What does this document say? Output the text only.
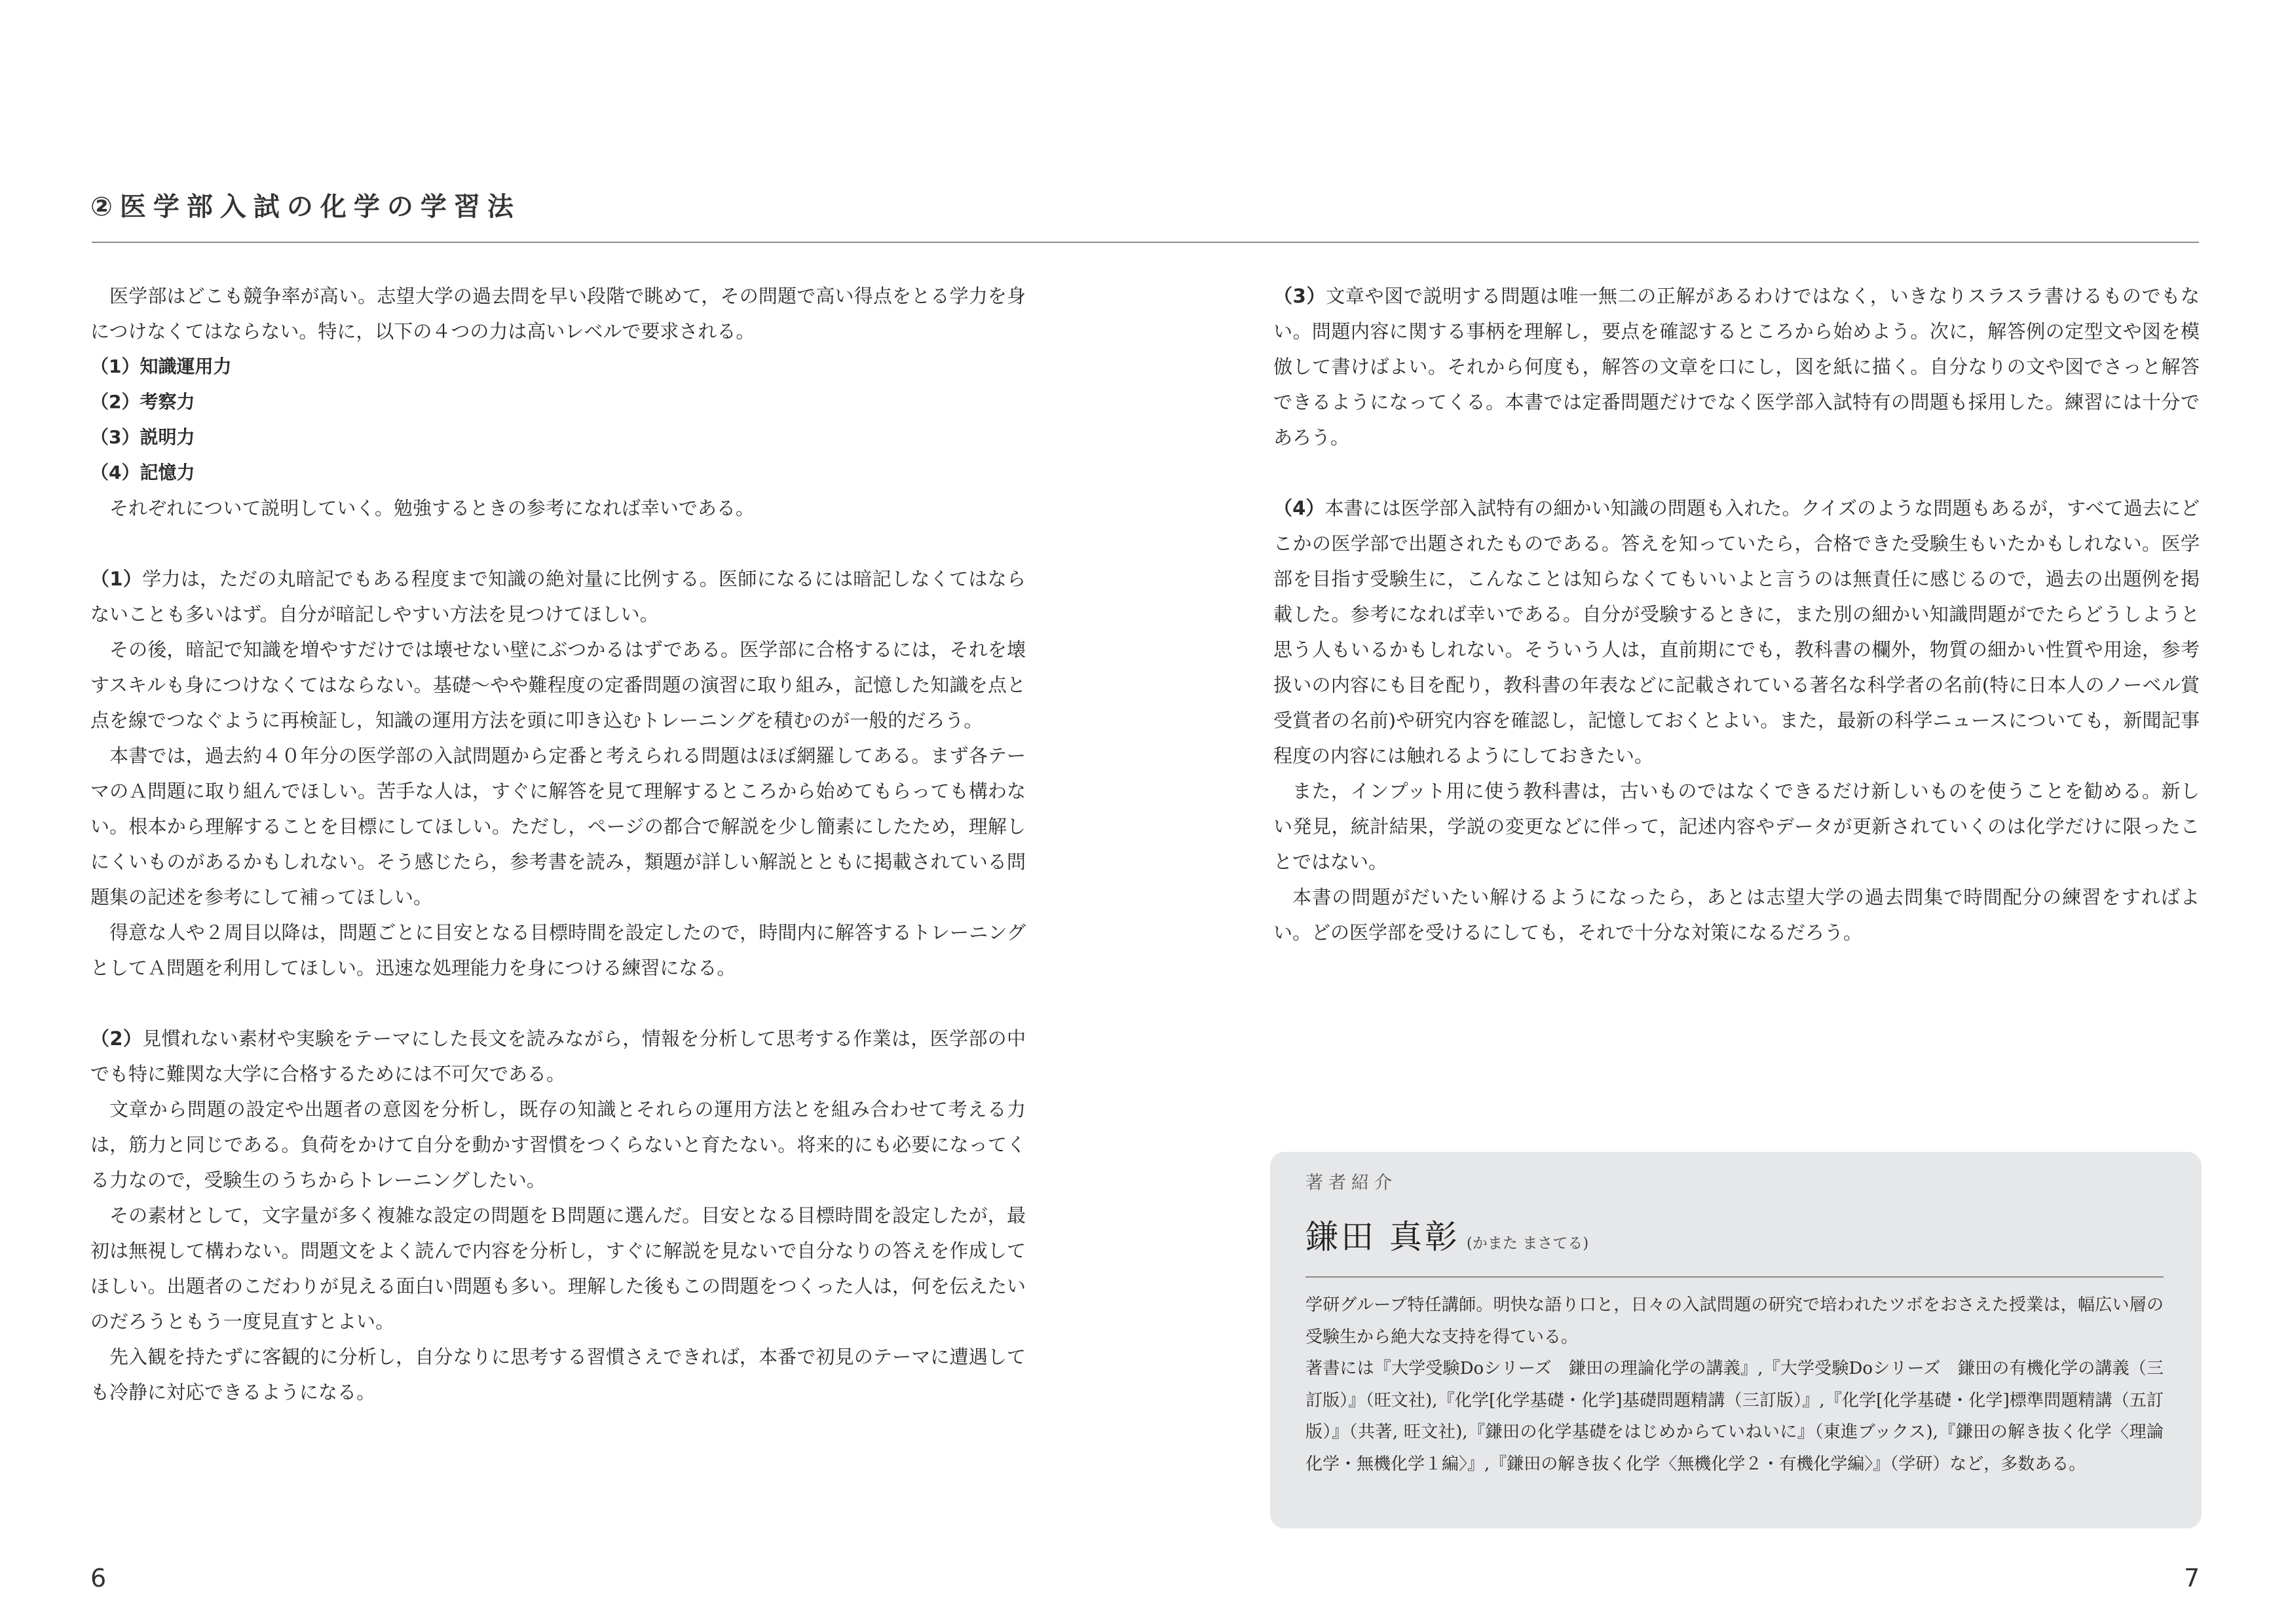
②医学部入試の化学の学習法

医学部はどこも競争率が高い。志望大学の過去問を早い段階で眺めて，その問題で高い得点をとる学力を身につけなくてはならない。特に，以下の４つの力は高いレベルで要求される。

（1）知識運用力

（2）考察力

（3）説明力

（4）記憶力

それぞれについて説明していく。勉強するときの参考になれば幸いである。

（1）学力は，ただの丸暗記でもある程度まで知識の絶対量に比例する。医師になるには暗記しなくてはならないことも多いはず。自分が暗記しやすい方法を見つけてほしい。

その後，暗記で知識を増やすだけでは壊せない壁にぶつかるはずである。医学部に合格するには，それを壊すスキルも身につけなくてはならない。基礎〜やや難程度の定番問題の演習に取り組み，記憶した知識を点と点を線でつなぐように再検証し，知識の運用方法を頭に叩き込むトレーニングを積むのが一般的だろう。

本書では，過去約４０年分の医学部の入試問題から定番と考えられる問題はほぼ網羅してある。まず各テーマのＡ問題に取り組んでほしい。苦手な人は，すぐに解答を見て理解するところから始めてもらっても構わない。根本から理解することを目標にしてほしい。ただし，ページの都合で解説を少し簡素にしたため，理解しにくいものがあるかもしれない。そう感じたら，参考書を読み，類題が詳しい解説とともに掲載されている問題集の記述を参考にして補ってほしい。

得意な人や２周目以降は，問題ごとに目安となる目標時間を設定したので，時間内に解答するトレーニングとしてＡ問題を利用してほしい。迅速な処理能力を身につける練習になる。

（2）見慣れない素材や実験をテーマにした長文を読みながら，情報を分析して思考する作業は，医学部の中でも特に難関な大学に合格するためには不可欠である。

文章から問題の設定や出題者の意図を分析し，既存の知識とそれらの運用方法とを組み合わせて考える力は，筋力と同じである。負荷をかけて自分を動かす習慣をつくらないと育たない。将来的にも必要になってくる力なので，受験生のうちからトレーニングしたい。

その素材として，文字量が多く複雑な設定の問題をＢ問題に選んだ。目安となる目標時間を設定したが，最初は無視して構わない。問題文をよく読んで内容を分析し，すぐに解説を見ないで自分なりの答えを作成してほしい。出題者のこだわりが見える面白い問題も多い。理解した後もこの問題をつくった人は，何を伝えたいのだろうともう一度見直すとよい。

先入観を持たずに客観的に分析し，自分なりに思考する習慣さえできれば，本番で初見のテーマに遭遇しても冷静に対応できるようになる。

（3）文章や図で説明する問題は唯一無二の正解があるわけではなく，いきなりスラスラ書けるものでもない。問題内容に関する事柄を理解し，要点を確認するところから始めよう。次に，解答例の定型文や図を模倣して書けばよい。それから何度も，解答の文章を口にし，図を紙に描く。自分なりの文や図でさっと解答できるようになってくる。本書では定番問題だけでなく医学部入試特有の問題も採用した。練習には十分であろう。

（4）本書には医学部入試特有の細かい知識の問題も入れた。クイズのような問題もあるが，すべて過去にどこかの医学部で出題されたものである。答えを知っていたら，合格できた受験生もいたかもしれない。医学部を目指す受験生に，こんなことは知らなくてもいいよと言うのは無責任に感じるので，過去の出題例を掲載した。参考になれば幸いである。自分が受験するときに，また別の細かい知識問題がでたらどうしようと思う人もいるかもしれない。そういう人は，直前期にでも，教科書の欄外，物質の細かい性質や用途，参考扱いの内容にも目を配り，教科書の年表などに記載されている著名な科学者の名前(特に日本人のノーベル賞受賞者の名前)や研究内容を確認し，記憶しておくとよい。また，最新の科学ニュースについても，新聞記事程度の内容には触れるようにしておきたい。

また，インプット用に使う教科書は，古いものではなくできるだけ新しいものを使うことを勧める。新しい発見，統計結果，学説の変更などに伴って，記述内容やデータが更新されていくのは化学だけに限ったことではない。

本書の問題がだいたい解けるようになったら，あとは志望大学の過去問集で時間配分の練習をすればよい。どの医学部を受けるにしても，それで十分な対策になるだろう。

著者紹介
鎌田 真彰 (かまた まさてる)

学研グループ特任講師。明快な語り口と，日々の入試問題の研究で培われたツボをおさえた授業は，幅広い層の受験生から絶大な支持を得ている。

著書には『大学受験Doシリーズ　鎌田の理論化学の講義』,『大学受験Doシリーズ　鎌田の有機化学の講義（三訂版）』（旺文社),『化学[化学基礎・化学]基礎問題精講（三訂版）』,『化学[化学基礎・化学]標準問題精講（五訂版）』（共著, 旺文社),『鎌田の化学基礎をはじめからていねいに』（東進ブックス),『鎌田の解き抜く化学〈理論化学・無機化学１編〉』,『鎌田の解き抜く化学〈無機化学２・有機化学編〉』（学研）など，多数ある。

6	7
